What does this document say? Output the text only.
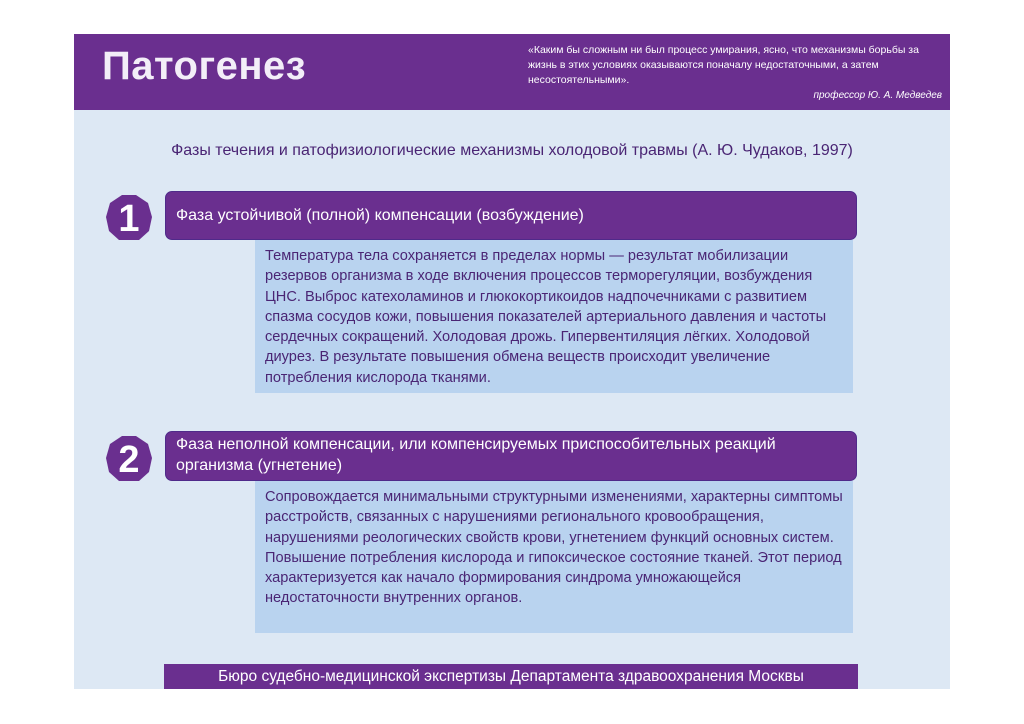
Патогенез	«Каким бы сложным ни был процесс умирания, ясно, что механизмы борьбы за жизнь в этих условиях оказываются поначалу недостаточными, а затем несостоятельными».
профессор Ю. А. Медведев
Фазы течения и патофизиологические механизмы холодовой травмы (А. Ю. Чудаков, 1997)
1	Фаза устойчивой (полной) компенсации (возбуждение)
Температура тела сохраняется в пределах нормы — результат мобилизации резервов организма в ходе включения процессов терморегуляции, возбуждения ЦНС. Выброс катехоламинов и глюкокортикоидов надпочечниками с развитием спазма сосудов кожи, повышения показателей артериального давления и частоты сердечных сокращений. Холодовая дрожь. Гипервентиляция лёгких. Холодовой диурез. В результате повышения обмена веществ происходит увеличение потребления кислорода тканями.
2	Фаза неполной компенсации, или компенсируемых приспособительных реакций организма (угнетение)
Сопровождается минимальными структурными изменениями, характерны симптомы расстройств, связанных с нарушениями регионального кровообращения, нарушениями реологических свойств крови, угнетением функций основных систем. Повышение потребления кислорода и гипоксическое состояние тканей. Этот период характеризуется как начало формирования синдрома умножающейся недостаточности внутренних органов.
Бюро судебно-медицинской экспертизы Департамента здравоохранения Москвы
